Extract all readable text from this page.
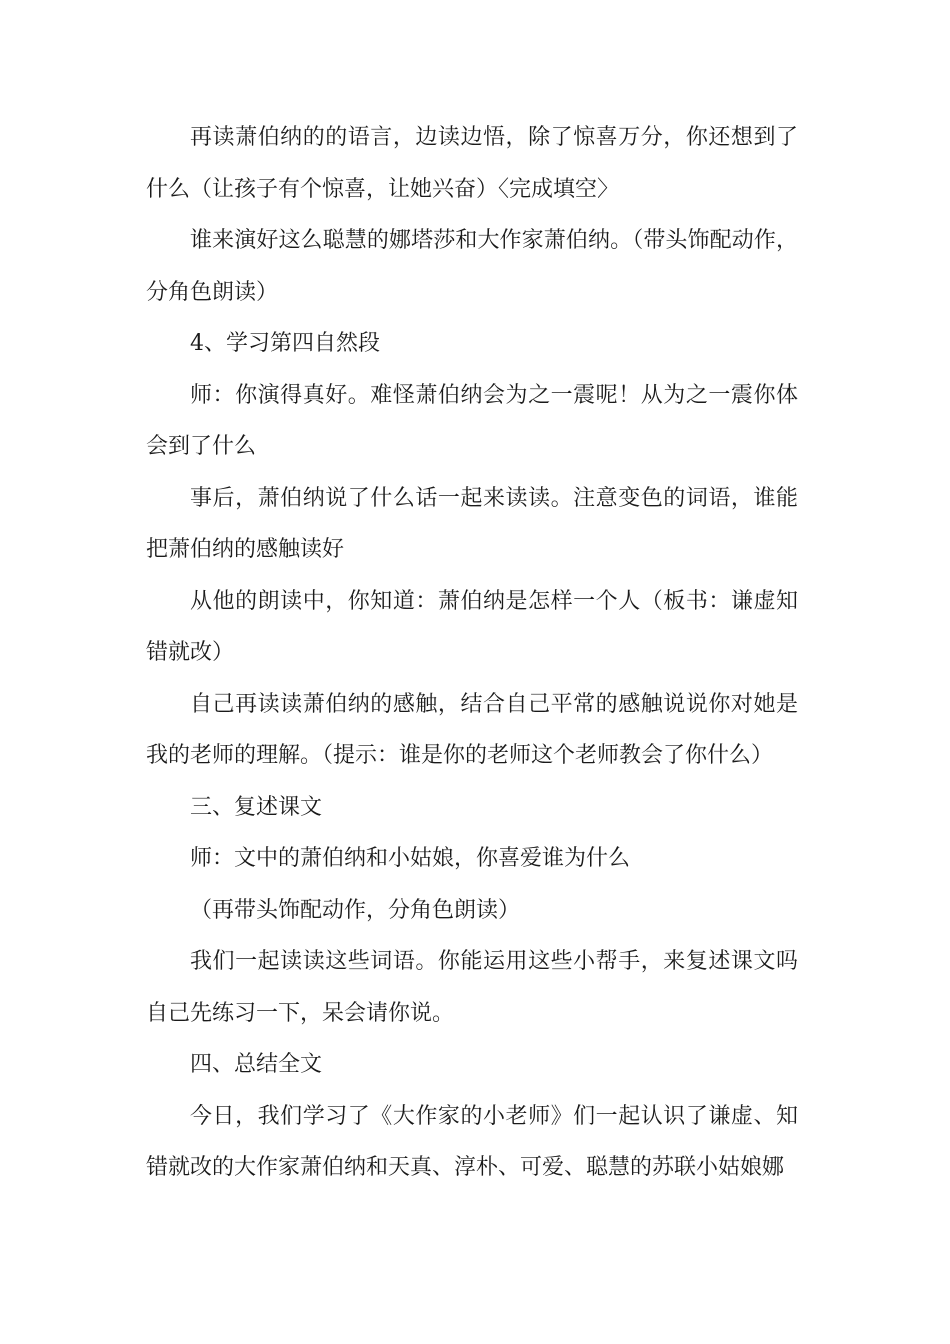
再读萧伯纳的的语言，边读边悟，除了惊喜万分，你还想到了什么（让孩子有个惊喜，让她兴奋）〈完成填空〉

谁来演好这么聪慧的娜塔莎和大作家萧伯纳。（带头饰配动作，分角色朗读）

4、学习第四自然段

师：你演得真好。难怪萧伯纳会为之一震呢！从为之一震你体会到了什么

事后，萧伯纳说了什么话一起来读读。注意变色的词语，谁能把萧伯纳的感触读好

从他的朗读中，你知道：萧伯纳是怎样一个人（板书：谦虚知错就改）

自己再读读萧伯纳的感触，结合自己平常的感触说说你对她是我的老师的理解。（提示：谁是你的老师这个老师教会了你什么）

三、复述课文

师：文中的萧伯纳和小姑娘，你喜爱谁为什么

（再带头饰配动作，分角色朗读）

我们一起读读这些词语。你能运用这些小帮手，来复述课文吗自己先练习一下，呆会请你说。

四、总结全文

今日，我们学习了《大作家的小老师》们一起认识了谦虚、知错就改的大作家萧伯纳和天真、淳朴、可爱、聪慧的苏联小姑娘娜
